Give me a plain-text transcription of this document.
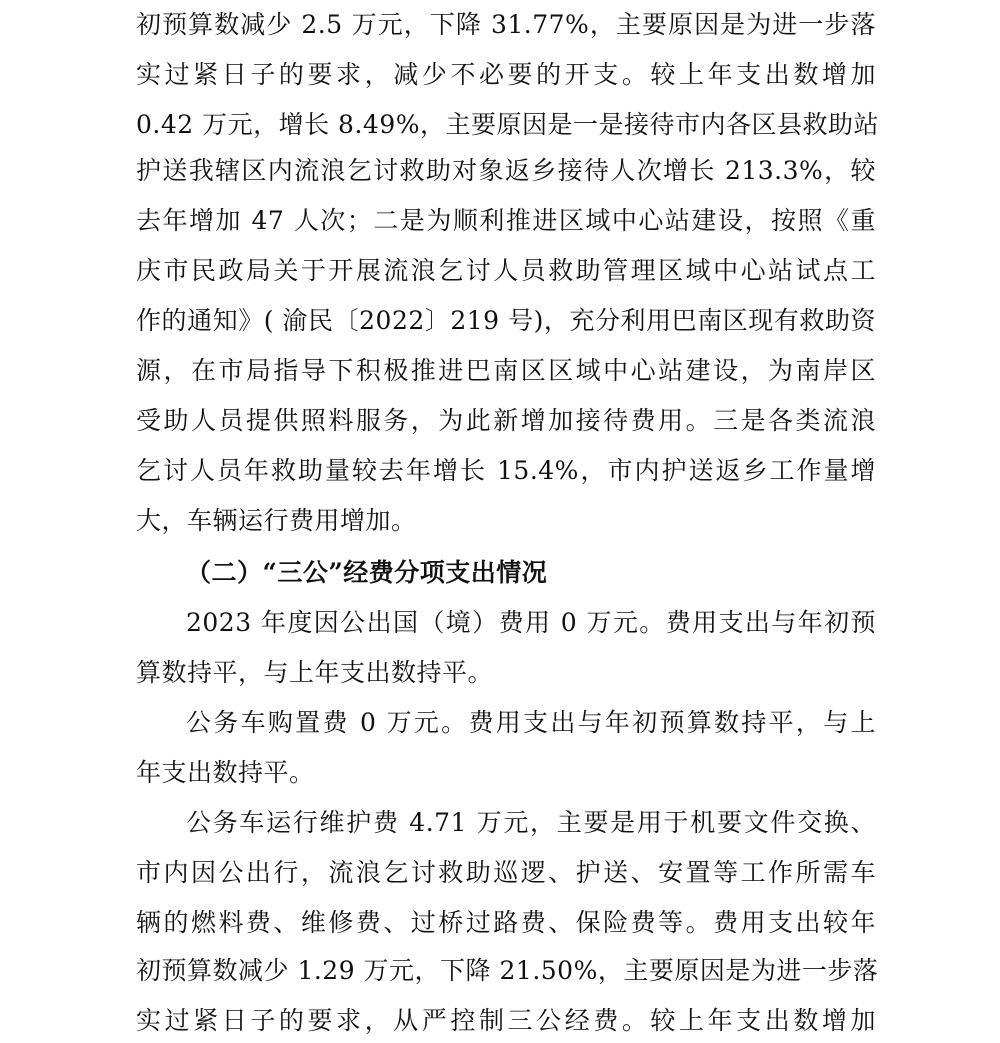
初预算数减少 2.5 万元，下降 31.77%，主要原因是为进一步落
实过紧日子的要求，减少不必要的开支。较上年支出数增加
0.42 万元，增长 8.49%，主要原因是一是接待市内各区县救助站
护送我辖区内流浪乞讨救助对象返乡接待人次增长 213.3%，较
去年增加 47 人次；二是为顺利推进区域中心站建设，按照《重
庆市民政局关于开展流浪乞讨人员救助管理区域中心站试点工
作的通知》( 渝民〔2022〕219 号)，充分利用巴南区现有救助资
源，在市局指导下积极推进巴南区区域中心站建设，为南岸区
受助人员提供照料服务，为此新增加接待费用。三是各类流浪
乞讨人员年救助量较去年增长 15.4%，市内护送返乡工作量增
大，车辆运行费用增加。
（二）“三公”经费分项支出情况
2023 年度因公出国（境）费用 0 万元。费用支出与年初预
算数持平，与上年支出数持平。
公务车购置费 0 万元。费用支出与年初预算数持平，与上
年支出数持平。
公务车运行维护费 4.71 万元，主要是用于机要文件交换、
市内因公出行，流浪乞讨救助巡逻、护送、安置等工作所需车
辆的燃料费、维修费、过桥过路费、保险费等。费用支出较年
初预算数减少 1.29 万元，下降 21.50%，主要原因是为进一步落
实过紧日子的要求，从严控制三公经费。较上年支出数增加
